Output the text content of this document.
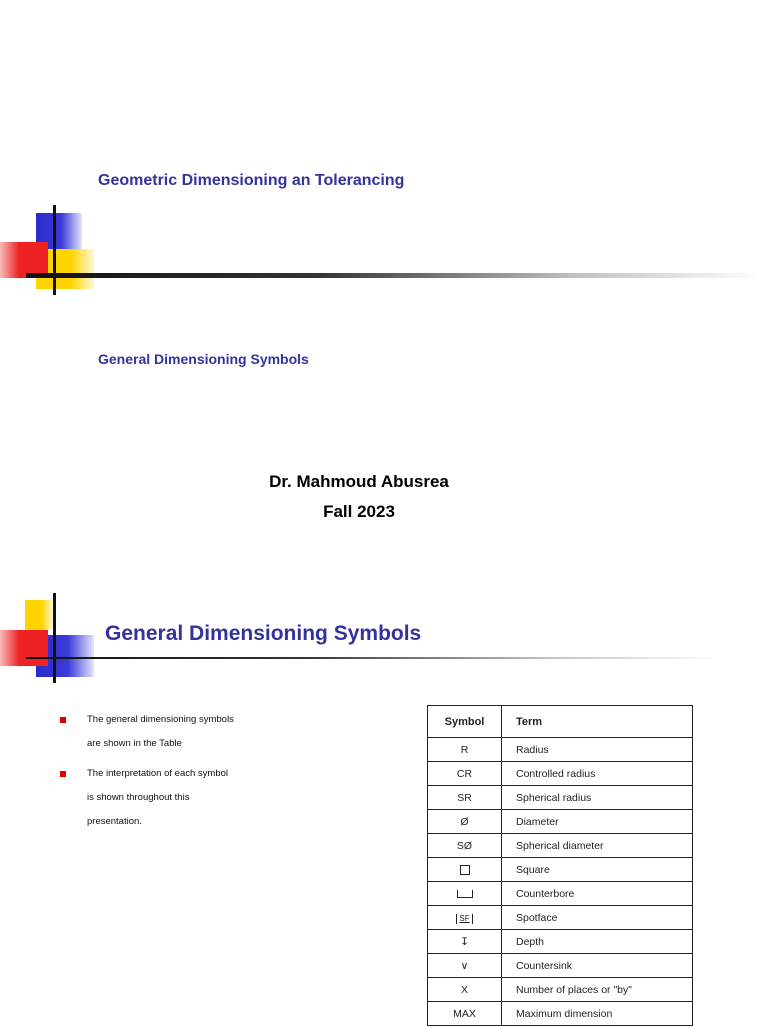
Geometric Dimensioning an Tolerancing
General Dimensioning Symbols
Dr. Mahmoud Abusrea
Fall 2023
General Dimensioning Symbols
The general dimensioning symbols
are shown in the Table
The interpretation of each symbol
is shown throughout this
presentation.
Symbol	Term
R	Radius
CR	Controlled radius
SR	Spherical radius
Ø	Diameter
SØ	Spherical diameter
	Square
	Counterbore
SF	Spotface
↧	Depth
∨	Countersink
X	Number of places or "by"
MAX	Maximum dimension
